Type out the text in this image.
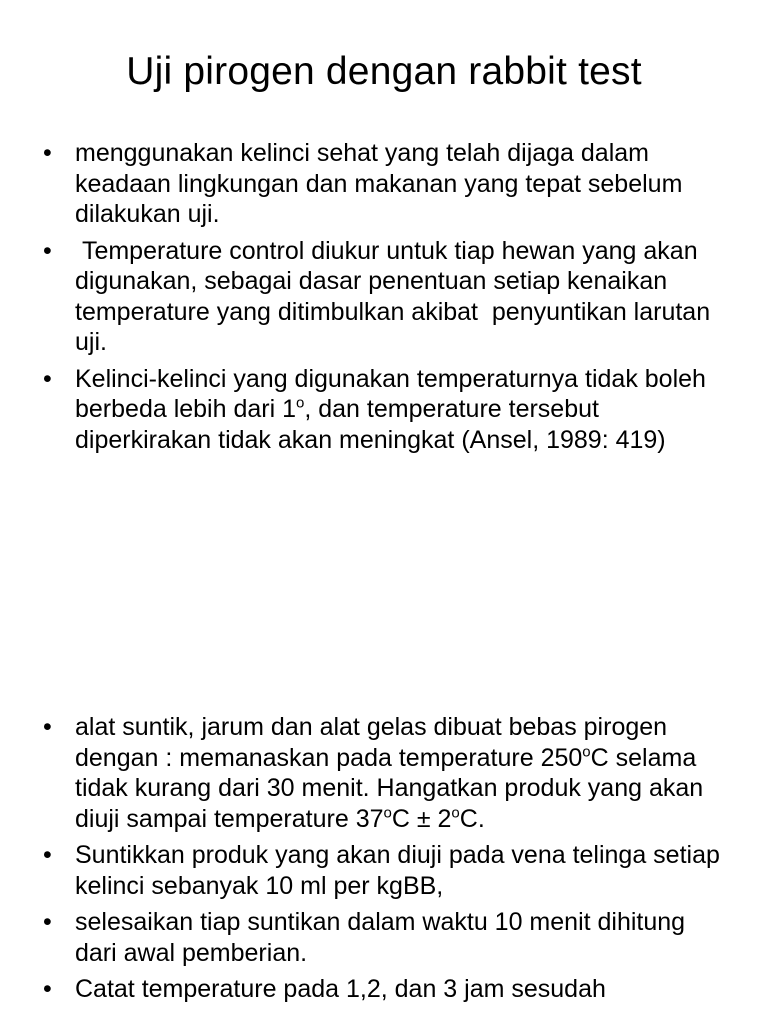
Uji pirogen dengan rabbit test
• menggunakan kelinci sehat yang telah dijaga dalam keadaan lingkungan dan makanan yang tepat sebelum dilakukan uji.
• Temperature control diukur untuk tiap hewan yang akan digunakan, sebagai dasar penentuan setiap kenaikan temperature yang ditimbulkan akibat  penyuntikan larutan uji.
• Kelinci-kelinci yang digunakan temperaturnya tidak boleh berbeda lebih dari 1$^o$, dan temperature tersebut diperkirakan tidak akan meningkat (Ansel, 1989: 419)
• alat suntik, jarum dan alat gelas dibuat bebas pirogen dengan : memanaskan pada temperature 250$^o$C selama tidak kurang dari 30 menit. Hangatkan produk yang akan diuji sampai temperature $37^oC \pm 2^oC$.
• Suntikkan produk yang akan diuji pada vena telinga setiap kelinci sebanyak 10 ml per kgBB,
• selesaikan tiap suntikan dalam waktu 10 menit dihitung dari awal pemberian.
• Catat temperature pada 1,2, dan 3 jam sesudah
